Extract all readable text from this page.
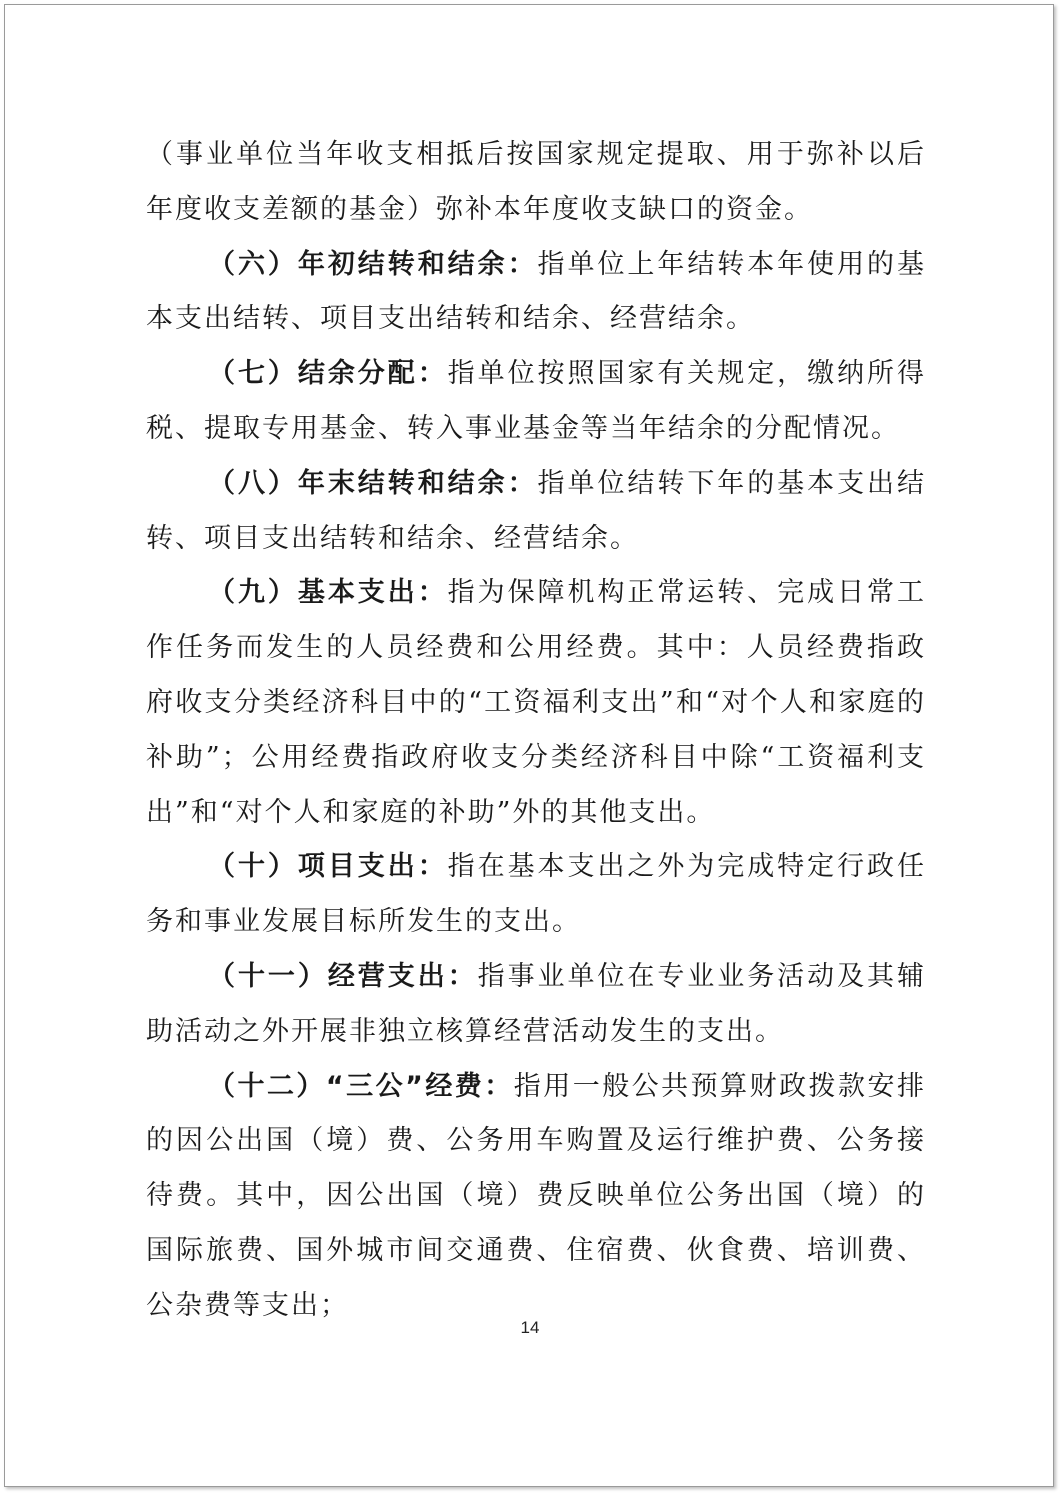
（事业单位当年收支相抵后按国家规定提取、用于弥补以后年度收支差额的基金）弥补本年度收支缺口的资金。

（六）年初结转和结余：指单位上年结转本年使用的基本支出结转、项目支出结转和结余、经营结余。

（七）结余分配：指单位按照国家有关规定，缴纳所得税、提取专用基金、转入事业基金等当年结余的分配情况。

（八）年末结转和结余：指单位结转下年的基本支出结转、项目支出结转和结余、经营结余。

（九）基本支出：指为保障机构正常运转、完成日常工作任务而发生的人员经费和公用经费。其中：人员经费指政府收支分类经济科目中的“工资福利支出”和“对个人和家庭的补助”；公用经费指政府收支分类经济科目中除“工资福利支出”和“对个人和家庭的补助”外的其他支出。

（十）项目支出：指在基本支出之外为完成特定行政任务和事业发展目标所发生的支出。

（十一）经营支出：指事业单位在专业业务活动及其辅助活动之外开展非独立核算经营活动发生的支出。

（十二）“三公”经费：指用一般公共预算财政拨款安排的因公出国（境）费、公务用车购置及运行维护费、公务接待费。其中，因公出国（境）费反映单位公务出国（境）的国际旅费、国外城市间交通费、住宿费、伙食费、培训费、公杂费等支出；

14
